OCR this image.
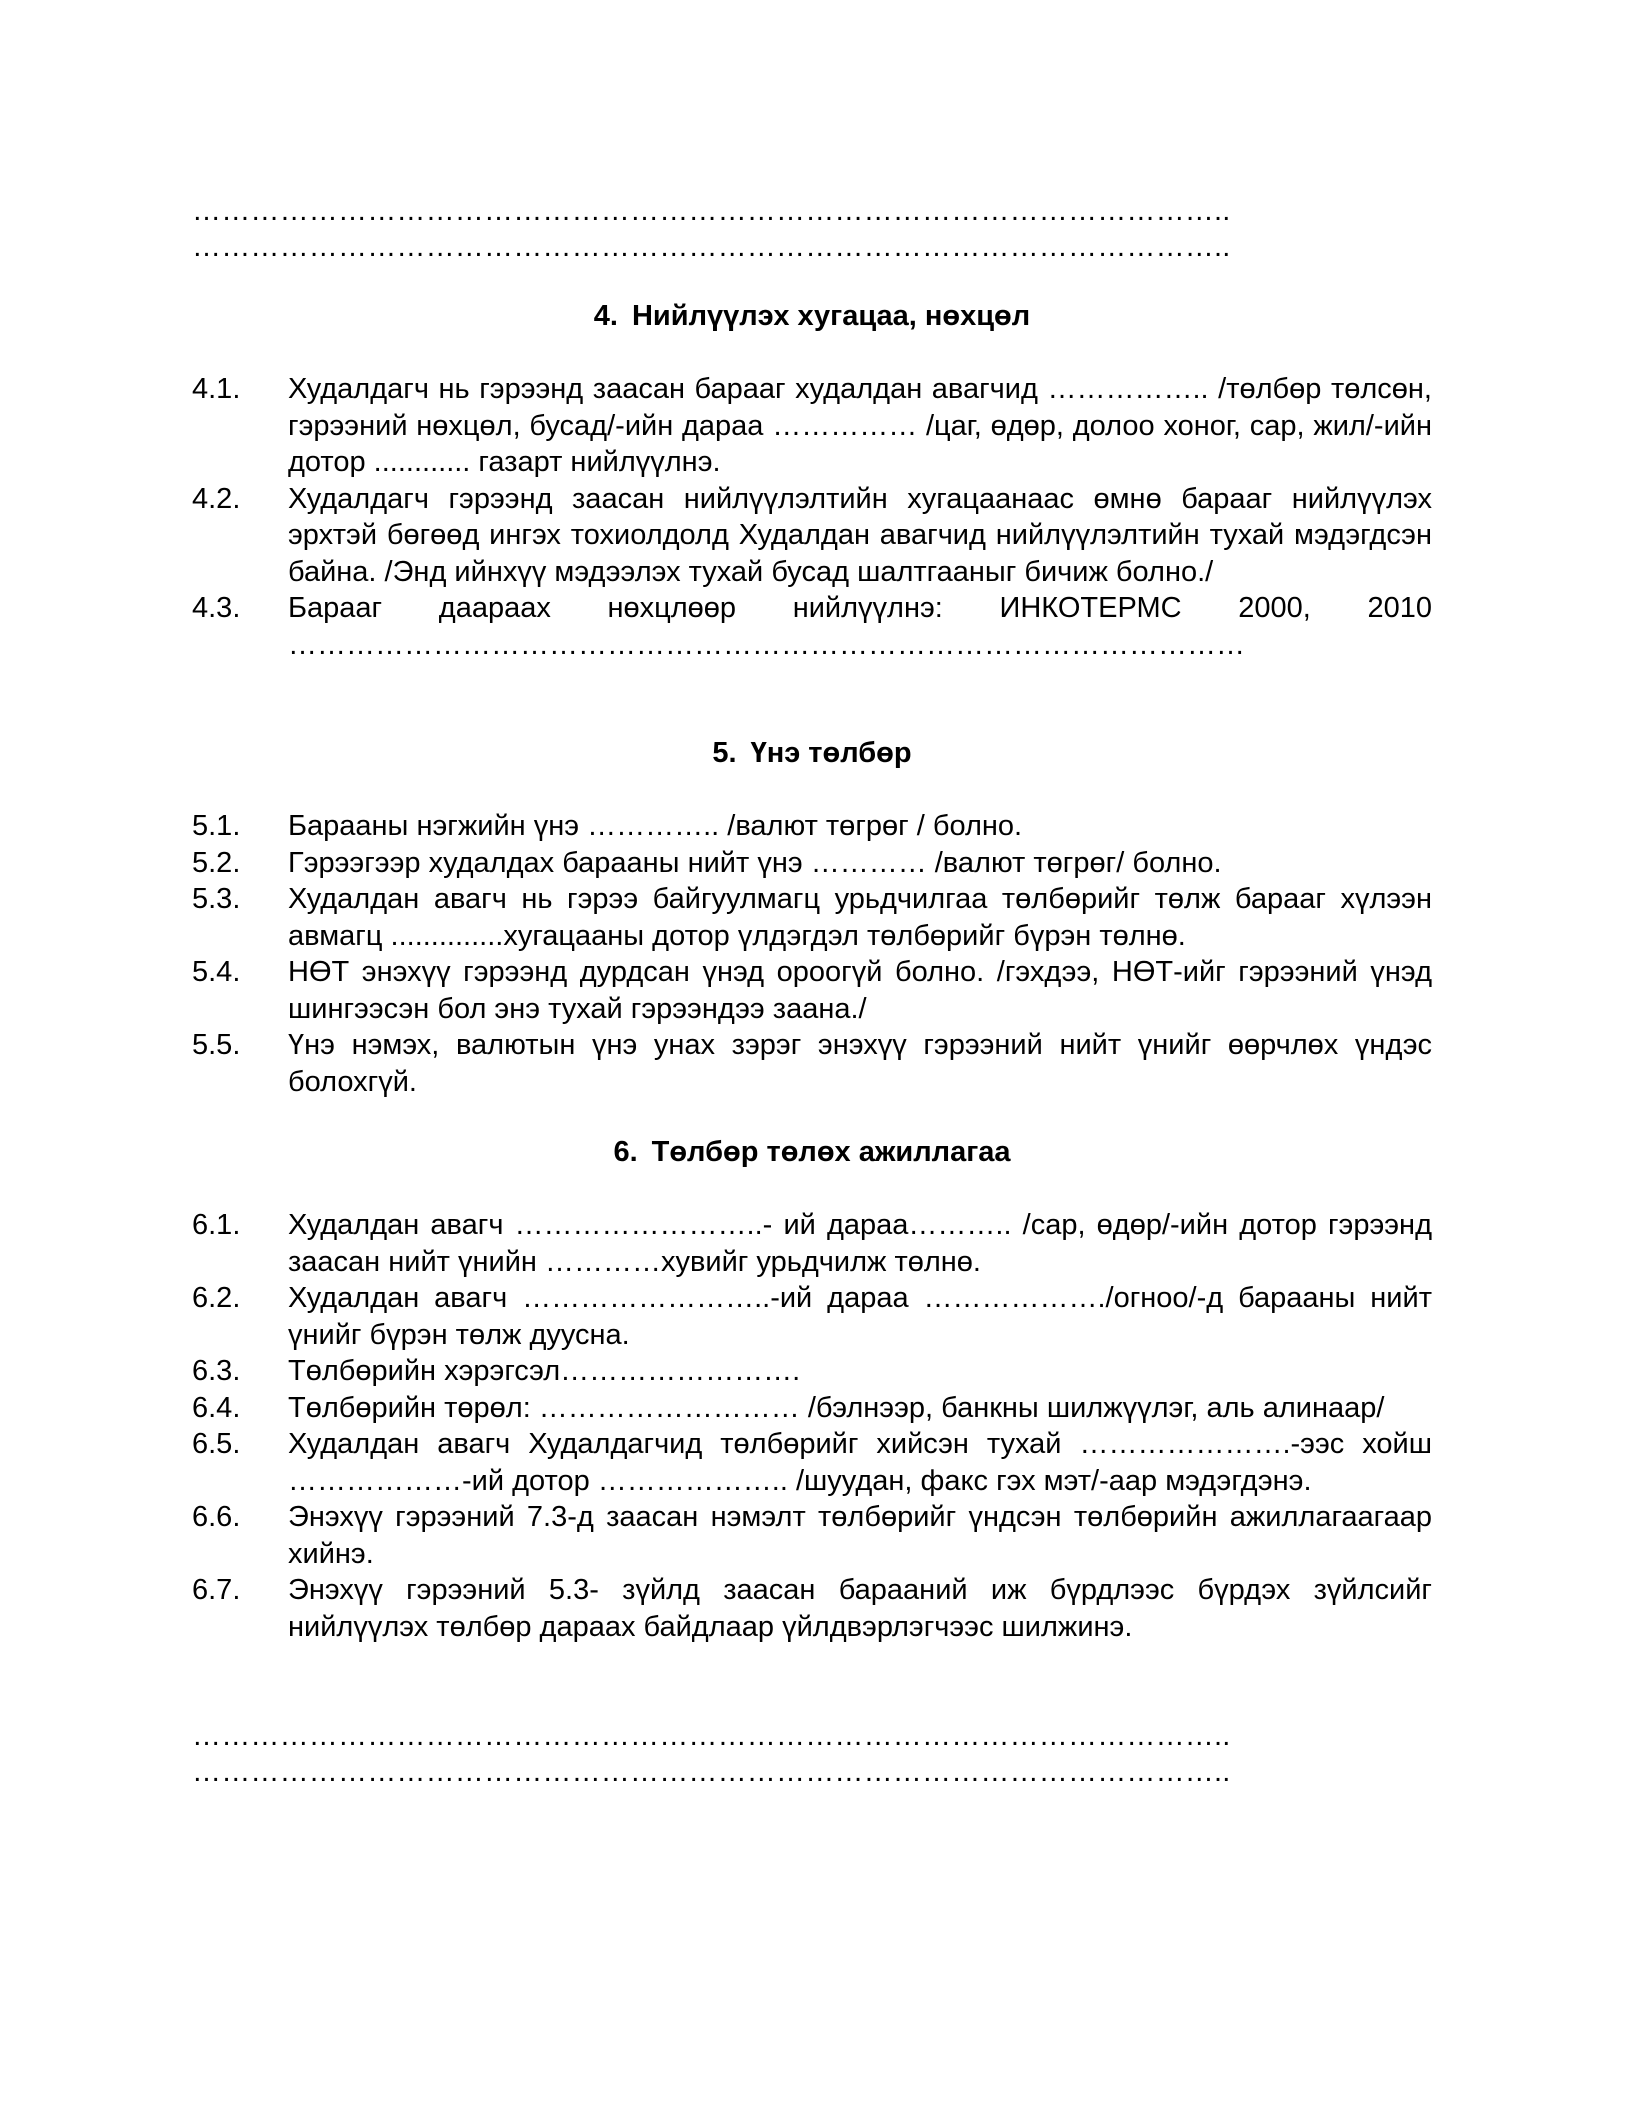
……………………………………………………………………………………………..
……………………………………………………………………………………………..
4. Нийлүүлэх хугацаа, нөхцөл
4.1.	Худалдагч нь гэрээнд заасан барааг худалдан авагчид …………….. /төлбөр төлсөн, гэрээний нөхцөл, бусад/-ийн дараа …………… /цаг, өдөр, долоо хоног, сар, жил/-ийн дотор ............ газарт нийлүүлнэ.
4.2.	Худалдагч гэрээнд заасан нийлүүлэлтийн хугацаанаас өмнө барааг нийлүүлэх эрхтэй бөгөөд ингэх тохиолдолд Худалдан авагчид нийлүүлэлтийн тухай мэдэгдсэн байна. /Энд ийнхүү мэдээлэх тухай бусад шалтгааныг бичиж болно./
4.3.	Барааг даараах нөхцлөөр нийлүүлнэ: ИНКОТЕРМС 2000, 2010 ………………………………………………………………………………………
5. Үнэ төлбөр
5.1.	Барааны нэгжийн үнэ ………….. /валют төгрөг / болно.
5.2.	Гэрээгээр худалдах барааны нийт үнэ ………… /валют төгрөг/ болно.
5.3.	Худалдан авагч нь гэрээ байгуулмагц урьдчилгаа төлбөрийг төлж барааг хүлээн авмагц ..............хугацааны дотор үлдэгдэл төлбөрийг бүрэн төлнө.
5.4.	НӨТ энэхүү гэрээнд дурдсан үнэд ороогүй болно. /гэхдээ, НӨТ-ийг гэрээний үнэд шингээсэн бол энэ тухай гэрээндээ заана./
5.5.	Үнэ нэмэх, валютын үнэ унах зэрэг энэхүү гэрээний нийт үнийг өөрчлөх үндэс болохгүй.
6. Төлбөр төлөх ажиллагаа
6.1.	Худалдан авагч ……………………..- ий дараа……….. /сар, өдөр/-ийн дотор гэрээнд заасан нийт үнийн …………хувийг урьдчилж төлнө.
6.2.	Худалдан авагч ……………………..-ий дараа ………………./огноо/-д барааны нийт үнийг бүрэн төлж дуусна.
6.3.	Төлбөрийн хэрэгсэл…………………….
6.4.	Төлбөрийн төрөл: ……………………… /бэлнээр, банкны шилжүүлэг, аль алинаар/
6.5.	Худалдан авагч Худалдагчид төлбөрийг хийсэн тухай ………………….-ээс хойш ………………-ий дотор ……………….. /шуудан, факс гэх мэт/-аар мэдэгдэнэ.
6.6.	Энэхүү гэрээний 7.3-д заасан нэмэлт төлбөрийг үндсэн төлбөрийн ажиллагаагаар хийнэ.
6.7.	Энэхүү гэрээний 5.3- зүйлд заасан барааний иж бүрдлээс бүрдэх зүйлсийг нийлүүлэх төлбөр дараах байдлаар үйлдвэрлэгчээс шилжинэ.
……………………………………………………………………………………………..
……………………………………………………………………………………………..
